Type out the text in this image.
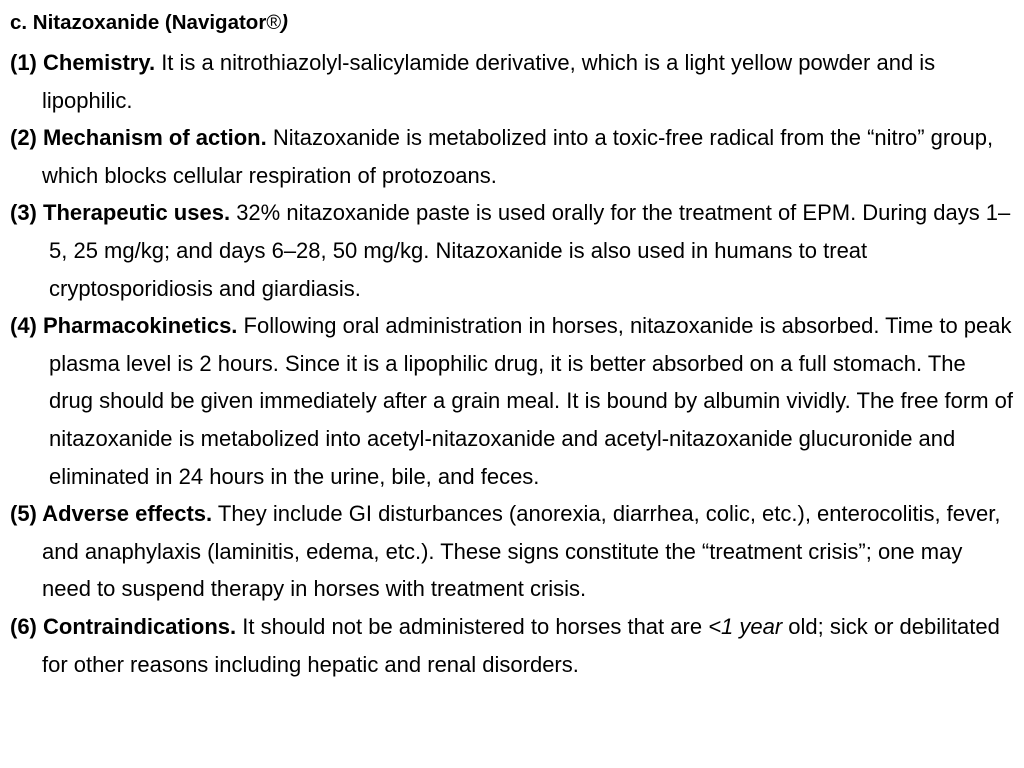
c. Nitazoxanide (Navigator®)

(1) Chemistry. It is a nitrothiazolyl-salicylamide derivative, which is a light yellow powder and is lipophilic.

(2) Mechanism of action. Nitazoxanide is metabolized into a toxic-free radical from the “nitro” group, which blocks cellular respiration of protozoans.

(3) Therapeutic uses. 32% nitazoxanide paste is used orally for the treatment of EPM. During days 1–5, 25 mg/kg; and days 6–28, 50 mg/kg. Nitazoxanide is also used in humans to treat cryptosporidiosis and giardiasis.

(4) Pharmacokinetics. Following oral administration in horses, nitazoxanide is absorbed. Time to peak plasma level is 2 hours. Since it is a lipophilic drug, it is better absorbed on a full stomach. The drug should be given immediately after a grain meal. It is bound by albumin vividly. The free form of nitazoxanide is metabolized into acetyl-nitazoxanide and acetyl-nitazoxanide glucuronide and eliminated in 24 hours in the urine, bile, and feces.

(5) Adverse effects. They include GI disturbances (anorexia, diarrhea, colic, etc.), enterocolitis, fever, and anaphylaxis (laminitis, edema, etc.). These signs constitute the “treatment crisis”; one may need to suspend therapy in horses with treatment crisis.

(6) Contraindications. It should not be administered to horses that are <1 year old; sick or debilitated for other reasons including hepatic and renal disorders.
